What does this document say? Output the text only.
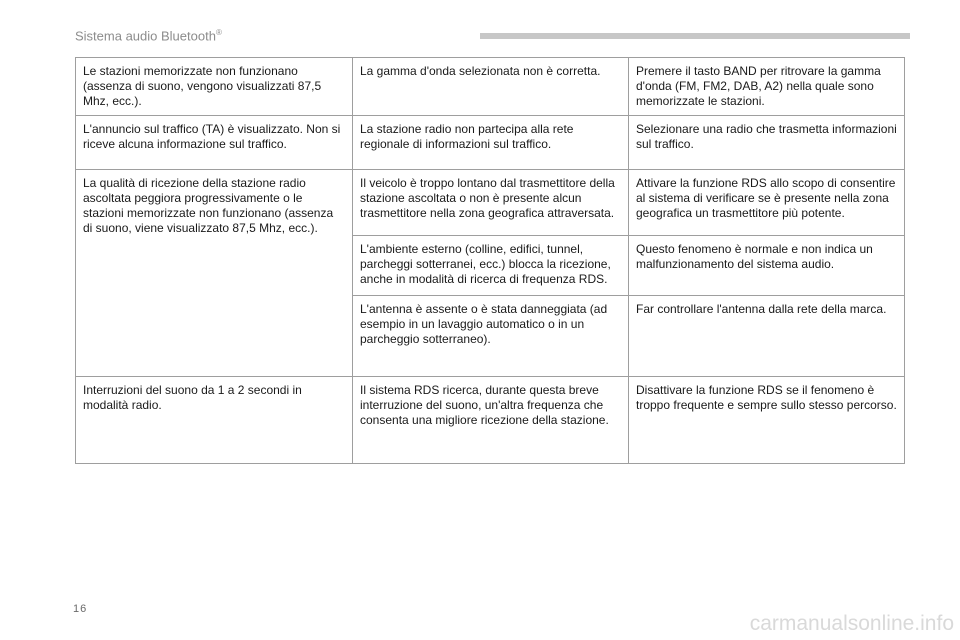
Sistema audio Bluetooth®
Le stazioni memorizzate non funzionano (assenza di suono, vengono visualizzati 87,5 Mhz, ecc.).	La gamma d'onda selezionata non è corretta.	Premere il tasto BAND per ritrovare la gamma d'onda (FM, FM2, DAB, A2) nella quale sono memorizzate le stazioni.
L'annuncio sul traffico (TA) è visualizzato. Non si riceve alcuna informazione sul traffico.	La stazione radio non partecipa alla rete regionale di informazioni sul traffico.	Selezionare una radio che trasmetta informazioni sul traffico.
La qualità di ricezione della stazione radio ascoltata peggiora progressivamente o le stazioni memorizzate non funzionano (assenza di suono, viene visualizzato 87,5 Mhz, ecc.).	Il veicolo è troppo lontano dal trasmettitore della stazione ascoltata o non è presente alcun trasmettitore nella zona geografica attraversata.	Attivare la funzione RDS allo scopo di consentire al sistema di verificare se è presente nella zona geografica un trasmettitore più potente.
	L'ambiente esterno (colline, edifici, tunnel, parcheggi sotterranei, ecc.) blocca la ricezione, anche in modalità di ricerca di frequenza RDS.	Questo fenomeno è normale e non indica un malfunzionamento del sistema audio.
	L'antenna è assente o è stata danneggiata (ad esempio in un lavaggio automatico o in un parcheggio sotterraneo).	Far controllare l'antenna dalla rete della marca.
Interruzioni del suono da 1 a 2 secondi in modalità radio.	Il sistema RDS ricerca, durante questa breve interruzione del suono, un'altra frequenza che consenta una migliore ricezione della stazione.	Disattivare la funzione RDS se il fenomeno è troppo frequente e sempre sullo stesso percorso.
16
carmanualsonline.info
